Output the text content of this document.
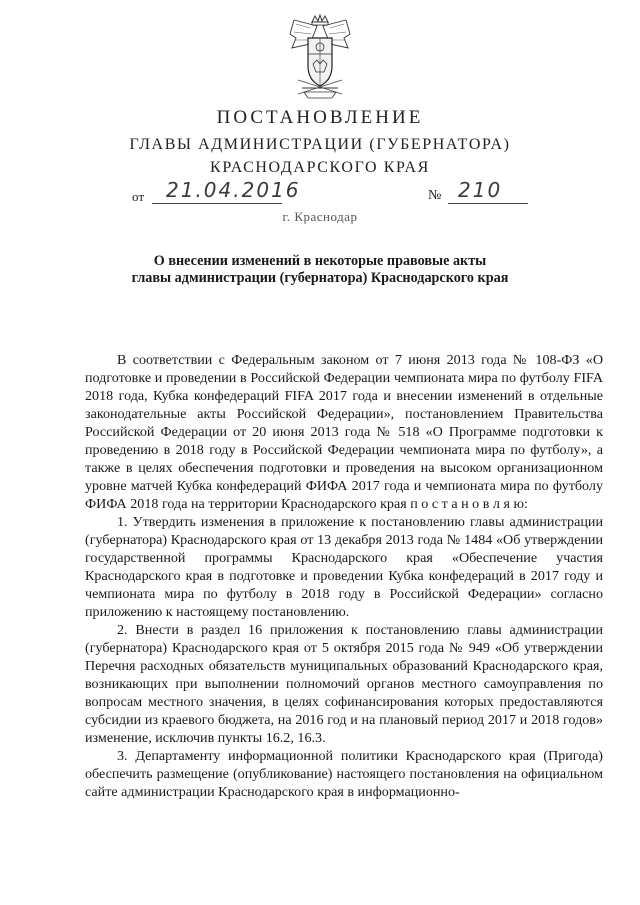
ПОСТАНОВЛЕНИЕ
ГЛАВЫ АДМИНИСТРАЦИИ (ГУБЕРНАТОРА)
КРАСНОДАРСКОГО КРАЯ
от 21.04.2016	№ 210
г. Краснодар
О внесении изменений в некоторые правовые акты
главы администрации (губернатора) Краснодарского края

В соответствии с Федеральным законом от 7 июня 2013 года № 108-ФЗ «О подготовке и проведении в Российской Федерации чемпионата мира по футболу FIFA 2018 года, Кубка конфедераций FIFA 2017 года и внесении изменений в отдельные законодательные акты Российской Федерации», постановлением Правительства Российской Федерации от 20 июня 2013 года № 518 «О Программе подготовки к проведению в 2018 году в Российской Федерации чемпионата мира по футболу», а также в целях обеспечения подготовки и проведения на высоком организационном уровне матчей Кубка конфедераций ФИФА 2017 года и чемпионата мира по футболу ФИФА 2018 года на территории Краснодарского края п о с т а н о в л я ю:

1. Утвердить изменения в приложение к постановлению главы администрации (губернатора) Краснодарского края от 13 декабря 2013 года № 1484 «Об утверждении государственной программы Краснодарского края «Обеспечение участия Краснодарского края в подготовке и проведении Кубка конфедераций в 2017 году и чемпионата мира по футболу в 2018 году в Российской Федерации» согласно приложению к настоящему постановлению.

2. Внести в раздел 16 приложения к постановлению главы администрации (губернатора) Краснодарского края от 5 октября 2015 года № 949 «Об утверждении Перечня расходных обязательств муниципальных образований Краснодарского края, возникающих при выполнении полномочий органов местного самоуправления по вопросам местного значения, в целях софинансирования которых предоставляются субсидии из краевого бюджета, на 2016 год и на плановый период 2017 и 2018 годов» изменение, исключив пункты 16.2, 16.3.

3. Департаменту информационной политики Краснодарского края (Пригода) обеспечить размещение (опубликование) настоящего постановления на официальном сайте администрации Краснодарского края в информационно-
